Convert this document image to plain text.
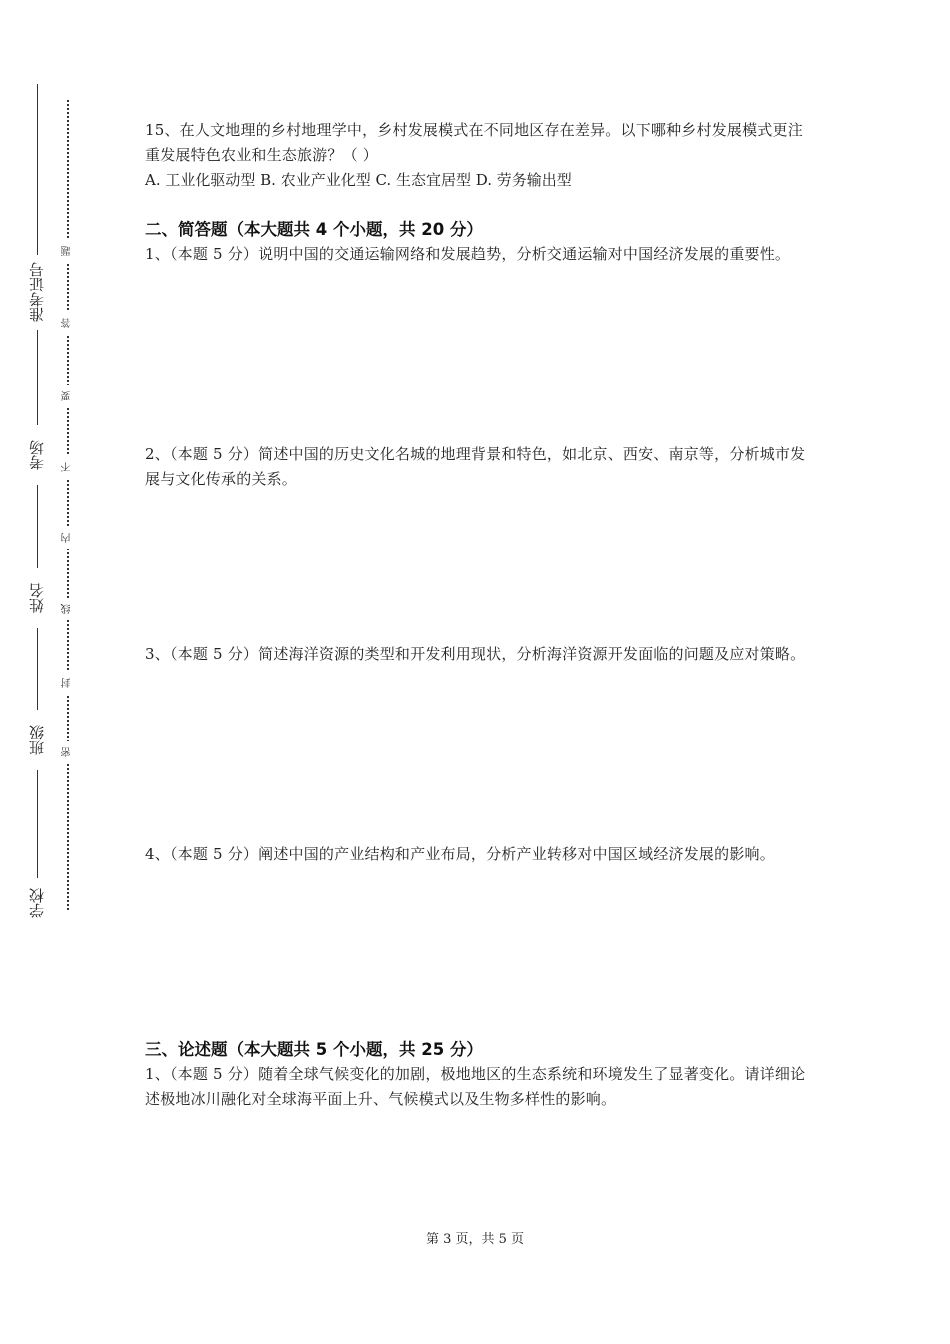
准考证号
考场
姓名
班级
学校
题
答
要
不
内
线
封
密

15、在人文地理的乡村地理学中，乡村发展模式在不同地区存在差异。以下哪种乡村发展模式更注重发展特色农业和生态旅游？（ ）

A. 工业化驱动型 B. 农业产业化型 C. 生态宜居型 D. 劳务输出型

二、简答题（本大题共 4 个小题，共 20 分）

1、（本题 5 分）说明中国的交通运输网络和发展趋势，分析交通运输对中国经济发展的重要性。

2、（本题 5 分）简述中国的历史文化名城的地理背景和特色，如北京、西安、南京等，分析城市发展与文化传承的关系。

3、（本题 5 分）简述海洋资源的类型和开发利用现状，分析海洋资源开发面临的问题及应对策略。

4、（本题 5 分）阐述中国的产业结构和产业布局，分析产业转移对中国区域经济发展的影响。

三、论述题（本大题共 5 个小题，共 25 分）

1、（本题 5 分）随着全球气候变化的加剧，极地地区的生态系统和环境发生了显著变化。请详细论述极地冰川融化对全球海平面上升、气候模式以及生物多样性的影响。

第 3 页，共 5 页
